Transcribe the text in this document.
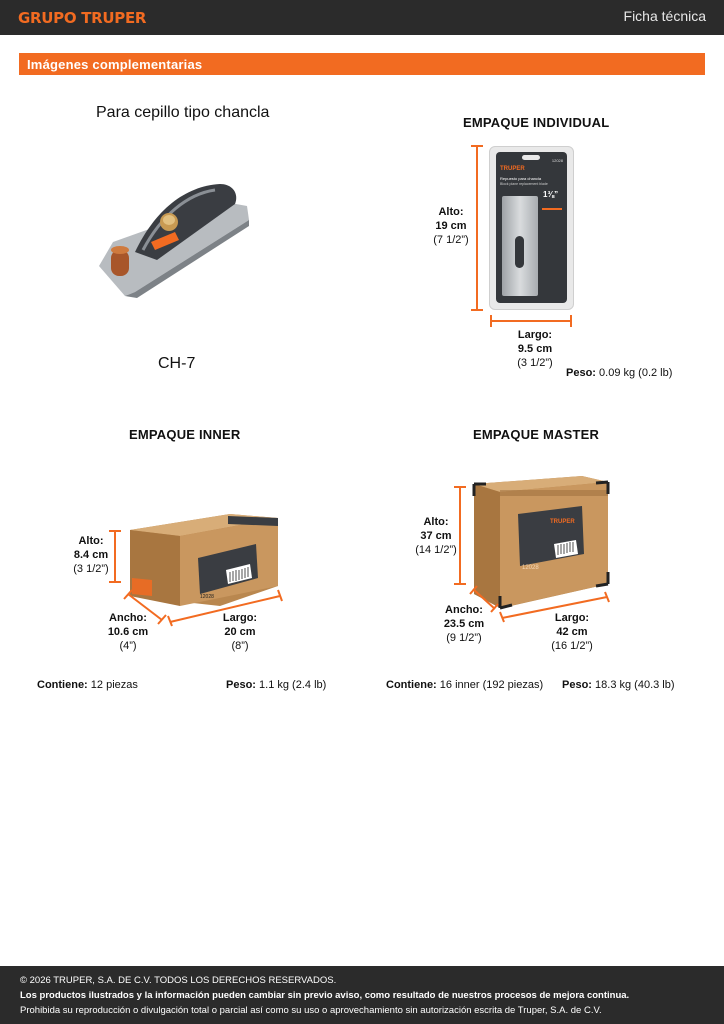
GRUPO TRUPER	Ficha técnica
Imágenes complementarias
Para cepillo tipo chancla
CH-7
EMPAQUE INDIVIDUAL
TRUPER
12028
Repuesto para chancla
Block plane replacement blade
1⅜”
Alto:
19 cm
(7 1/2”)
Largo:
9.5 cm
(3 1/2”)
Peso: 0.09 kg (0.2 lb)
EMPAQUE INNER
12028
Alto:
8.4 cm
(3 1/2”)
Ancho:
10.6 cm
(4”)
Largo:
20 cm
(8”)
Contiene: 12 piezas	Peso: 1.1 kg (2.4 lb)
EMPAQUE MASTER
TRUPER
12028
Alto:
37 cm
(14 1/2”)
Ancho:
23.5 cm
(9 1/2”)
Largo:
42 cm
(16 1/2”)
Contiene: 16 inner (192 piezas) Peso: 18.3 kg (40.3 lb)
© 2026 TRUPER, S.A. DE C.V. TODOS LOS DERECHOS RESERVADOS.
Los productos ilustrados y la información pueden cambiar sin previo aviso, como resultado de nuestros procesos de mejora continua.
Prohibida su reproducción o divulgación total o parcial así como su uso o aprovechamiento sin autorización escrita de Truper, S.A. de C.V.
